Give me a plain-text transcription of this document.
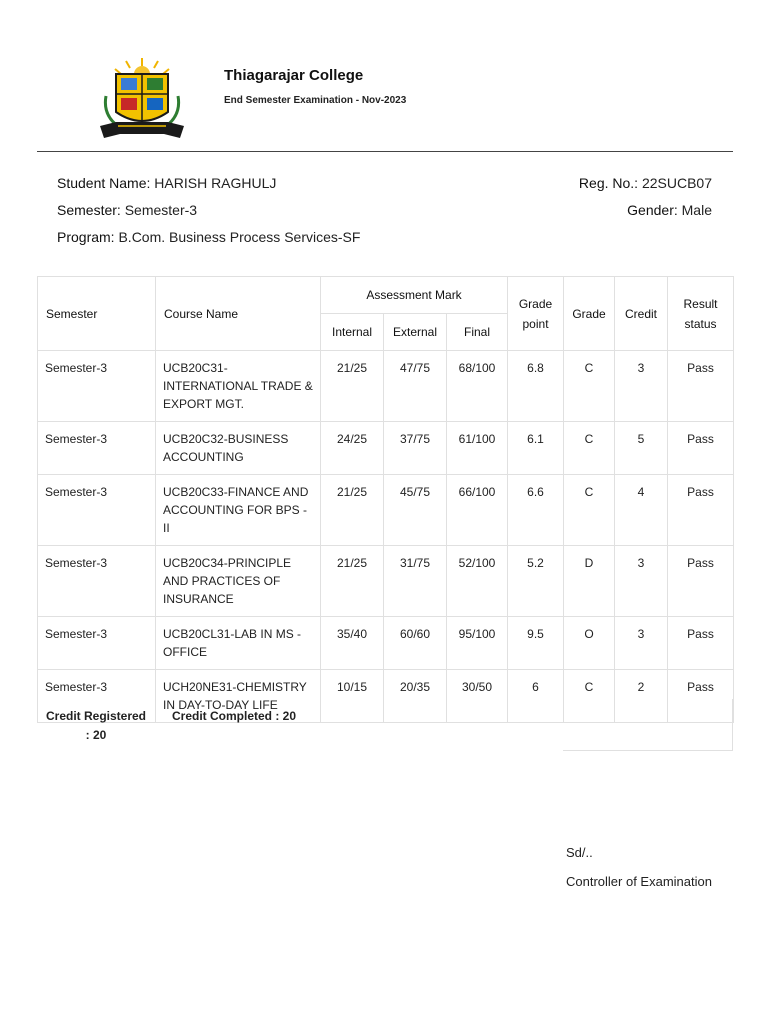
Thiagarajar College
End Semester Examination - Nov-2023
Student Name: HARISH RAGHULJ
Semester: Semester-3
Program: B.Com. Business Process Services-SF
Reg. No.: 22SUCB07
Gender: Male
Semester	Course Name	Assessment Mark			Grade point	Grade	Credit	Result status
		Internal	External	Final				
Semester-3	UCB20C31-INTERNATIONAL TRADE & EXPORT MGT.	21/25	47/75	68/100	6.8	C	3	Pass
Semester-3	UCB20C32-BUSINESS ACCOUNTING	24/25	37/75	61/100	6.1	C	5	Pass
Semester-3	UCB20C33-FINANCE AND ACCOUNTING FOR BPS - II	21/25	45/75	66/100	6.6	C	4	Pass
Semester-3	UCB20C34-PRINCIPLE AND PRACTICES OF INSURANCE	21/25	31/75	52/100	5.2	D	3	Pass
Semester-3	UCB20CL31-LAB IN MS - OFFICE	35/40	60/60	95/100	9.5	O	3	Pass
Semester-3	UCH20NE31-CHEMISTRY IN DAY-TO-DAY LIFE	10/15	20/35	30/50	6	C	2	Pass
Credit Registered : 20
Credit Completed : 20
Sd/..
Controller of Examination
